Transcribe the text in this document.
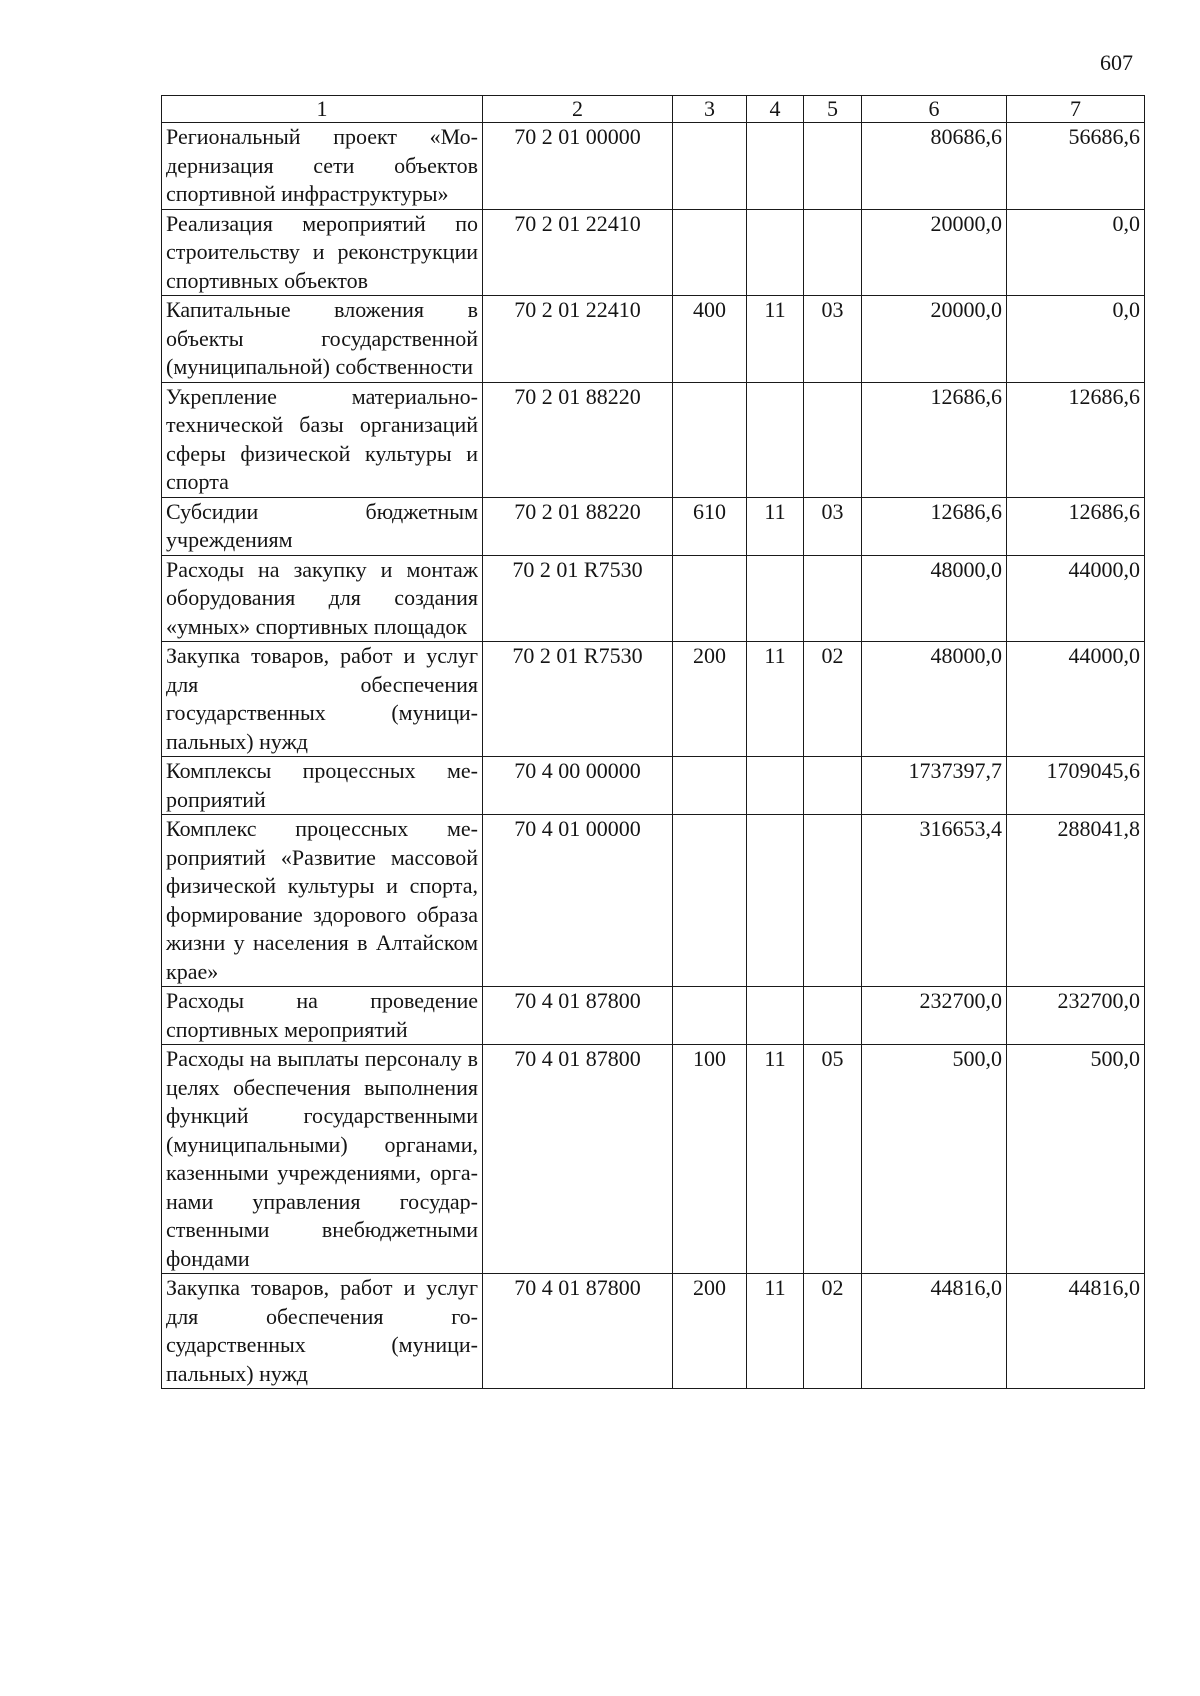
607
1	2	3	4	5	6	7
Региональный проект «Модернизация сети объектов спортивной инфраструктуры»	70 2 01 00000				80686,6	56686,6
Реализация мероприятий по строительству и реконструкции спортивных объектов	70 2 01 22410				20000,0	0,0
Капитальные вложения в объекты государственной (муниципальной) собственности	70 2 01 22410	400	11	03	20000,0	0,0
Укрепление материально-технической базы организаций сферы физической культуры и спорта	70 2 01 88220				12686,6	12686,6
Субсидии бюджетным учреждениям	70 2 01 88220	610	11	03	12686,6	12686,6
Расходы на закупку и монтаж оборудования для создания «умных» спортивных площадок	70 2 01 R7530				48000,0	44000,0
Закупка товаров, работ и услуг для обеспечения государственных (муниципальных) нужд	70 2 01 R7530	200	11	02	48000,0	44000,0
Комплексы процессных мероприятий	70 4 00 00000				1737397,7	1709045,6
Комплекс процессных мероприятий «Развитие массовой физической культуры и спорта, формирование здорового образа жизни у населения в Алтайском крае»	70 4 01 00000				316653,4	288041,8
Расходы на проведение спортивных мероприятий	70 4 01 87800				232700,0	232700,0
Расходы на выплаты персоналу в целях обеспечения выполнения функций государственными (муниципальными) органами, казенными учреждениями, органами управления государственными внебюджетными фондами	70 4 01 87800	100	11	05	500,0	500,0
Закупка товаров, работ и услуг для обеспечения государственных (муниципальных) нужд	70 4 01 87800	200	11	02	44816,0	44816,0
